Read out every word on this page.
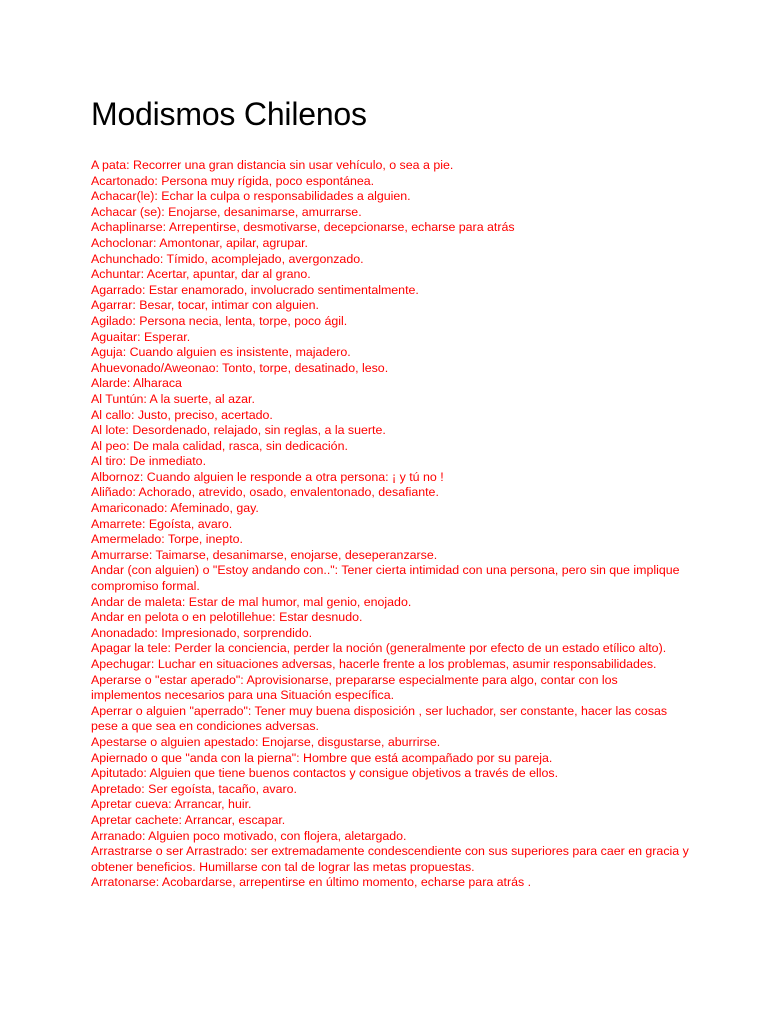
Modismos Chilenos
A pata: Recorrer una gran distancia sin usar vehículo, o sea a pie.
Acartonado: Persona muy rígida, poco espontánea.
Achacar(le): Echar la culpa o responsabilidades a alguien.
Achacar (se): Enojarse, desanimarse, amurrarse.
Achaplinarse: Arrepentirse, desmotivarse, decepcionarse, echarse para atrás
Achoclonar: Amontonar, apilar, agrupar.
Achunchado: Tímido, acomplejado, avergonzado.
Achuntar: Acertar, apuntar, dar al grano.
Agarrado: Estar enamorado, involucrado sentimentalmente.
Agarrar: Besar, tocar, intimar con alguien.
Agilado: Persona necia, lenta, torpe, poco ágil.
Aguaitar: Esperar.
Aguja: Cuando alguien es insistente, majadero.
Ahuevonado/Aweonao: Tonto, torpe, desatinado, leso.
Alarde: Alharaca
Al Tuntún: A la suerte, al azar.
Al callo: Justo, preciso, acertado.
Al lote: Desordenado, relajado, sin reglas, a la suerte.
Al peo: De mala calidad, rasca, sin dedicación.
Al tiro: De inmediato.
Albornoz: Cuando alguien le responde a otra persona: ¡ y tú no !
Aliñado: Achorado, atrevido, osado, envalentonado, desafiante.
Amariconado: Afeminado, gay.
Amarrete: Egoísta, avaro.
Amermelado: Torpe, inepto.
Amurrarse: Taimarse, desanimarse, enojarse, deseperanzarse.
Andar (con alguien) o "Estoy andando con..": Tener cierta intimidad con una persona, pero sin que implique compromiso formal.
Andar de maleta: Estar de mal humor, mal genio, enojado.
Andar en pelota o en pelotillehue: Estar desnudo.
Anonadado: Impresionado, sorprendido.
Apagar la tele: Perder la conciencia, perder la noción (generalmente por efecto de un estado etílico alto).
Apechugar: Luchar en situaciones adversas, hacerle frente a los problemas, asumir responsabilidades.
Aperarse o "estar aperado": Aprovisionarse, prepararse especialmente para algo, contar con los implementos necesarios para una Situación específica.
Aperrar o alguien "aperrado": Tener muy buena disposición , ser luchador, ser constante, hacer las cosas pese a que sea en condiciones adversas.
Apestarse o alguien apestado: Enojarse, disgustarse, aburrirse.
Apiernado o que "anda con la pierna": Hombre que está acompañado por su pareja.
Apitutado: Alguien que tiene buenos contactos y consigue objetivos a través de ellos.
Apretado: Ser egoísta, tacaño, avaro.
Apretar cueva: Arrancar, huir.
Apretar cachete: Arrancar, escapar.
Arranado: Alguien poco motivado, con flojera, aletargado.
Arrastrarse o ser Arrastrado: ser extremadamente condescendiente con sus superiores para caer en gracia y obtener beneficios. Humillarse con tal de lograr las metas propuestas.
Arratonarse: Acobardarse, arrepentirse en último momento, echarse para atrás .
